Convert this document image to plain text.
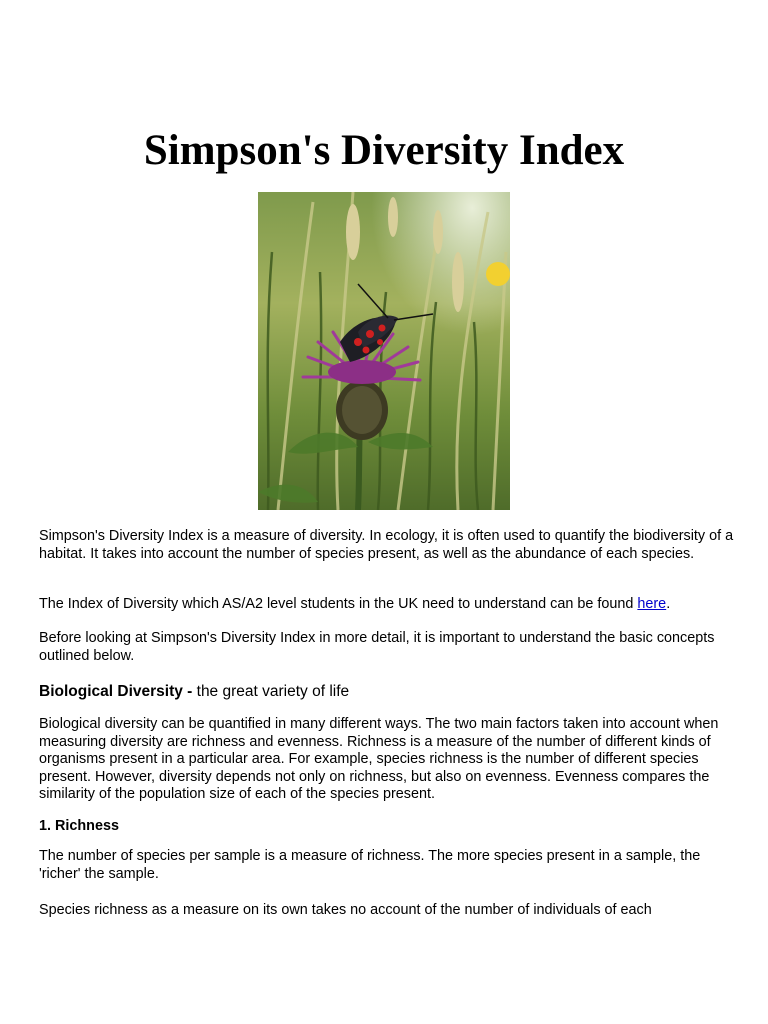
Simpson's Diversity Index

Simpson's Diversity Index is a measure of diversity. In ecology, it is often used to quantify the biodiversity of a habitat. It takes into account the number of species present, as well as the abundance of each species.

The Index of Diversity which AS/A2 level students in the UK need to understand can be found here.

Before looking at Simpson's Diversity Index in more detail, it is important to understand the basic concepts outlined below.

Biological Diversity - the great variety of life

Biological diversity can be quantified in many different ways. The two main factors taken into account when measuring diversity are richness and evenness. Richness is a measure of the number of different kinds of organisms present in a particular area. For example, species richness is the number of different species present. However, diversity depends not only on richness, but also on evenness. Evenness compares the similarity of the population size of each of the species present.

1. Richness

The number of species per sample is a measure of richness. The more species present in a sample, the 'richer' the sample.

Species richness as a measure on its own takes no account of the number of individuals of each
